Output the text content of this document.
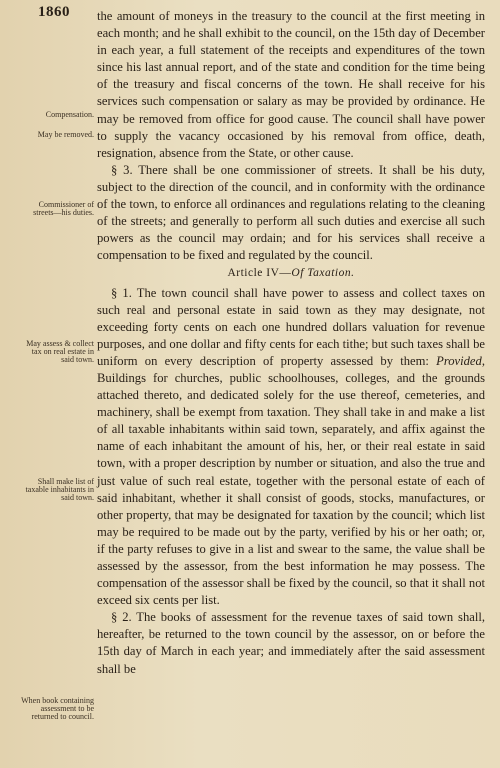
1860
Compensation.
May be removed.
Commissioner of streets—his duties.
May assess & collect tax on real estate in said town.
Shall make list of taxable inhabitants in said town.
When book containing assessment to be returned to council.

the amount of moneys in the treasury to the council at the first meeting in each month; and he shall exhibit to the council, on the 15th day of December in each year, a full statement of the receipts and expenditures of the town since his last annual report, and of the state and condition for the time being of the treasury and fiscal concerns of the town. He shall receive for his services such compensation or salary as may be provided by ordinance. He may be removed from office for good cause. The council shall have power to supply the vacancy occasioned by his removal from office, death, resignation, absence from the State, or other cause.

§ 3. There shall be one commissioner of streets. It shall be his duty, subject to the direction of the council, and in conformity with the ordinance of the town, to enforce all ordinances and regulations relating to the cleaning of the streets; and generally to perform all such duties and exercise all such powers as the council may ordain; and for his services shall receive a compensation to be fixed and regulated by the council.

Article IV—Of Taxation.

§ 1. The town council shall have power to assess and collect taxes on such real and personal estate in said town as they may designate, not exceeding forty cents on each one hundred dollars valuation for revenue purposes, and one dollar and fifty cents for each tithe; but such taxes shall be uniform on every description of property assessed by them: Provided, Buildings for churches, public schoolhouses, colleges, and the grounds attached thereto, and dedicated solely for the use thereof, cemeteries, and machinery, shall be exempt from taxation. They shall take in and make a list of all taxable inhabitants within said town, separately, and affix against the name of each inhabitant the amount of his, her, or their real estate in said town, with a proper description by number or situation, and also the true and just value of such real estate, together with the personal estate of each of said inhabitant, whether it shall consist of goods, stocks, manufactures, or other property, that may be designated for taxation by the council; which list may be required to be made out by the party, verified by his or her oath; or, if the party refuses to give in a list and swear to the same, the value shall be assessed by the assessor, from the best information he may possess. The compensation of the assessor shall be fixed by the council, so that it shall not exceed six cents per list.

§ 2. The books of assessment for the revenue taxes of said town shall, hereafter, be returned to the town council by the assessor, on or before the 15th day of March in each year; and immediately after the said assessment shall be
